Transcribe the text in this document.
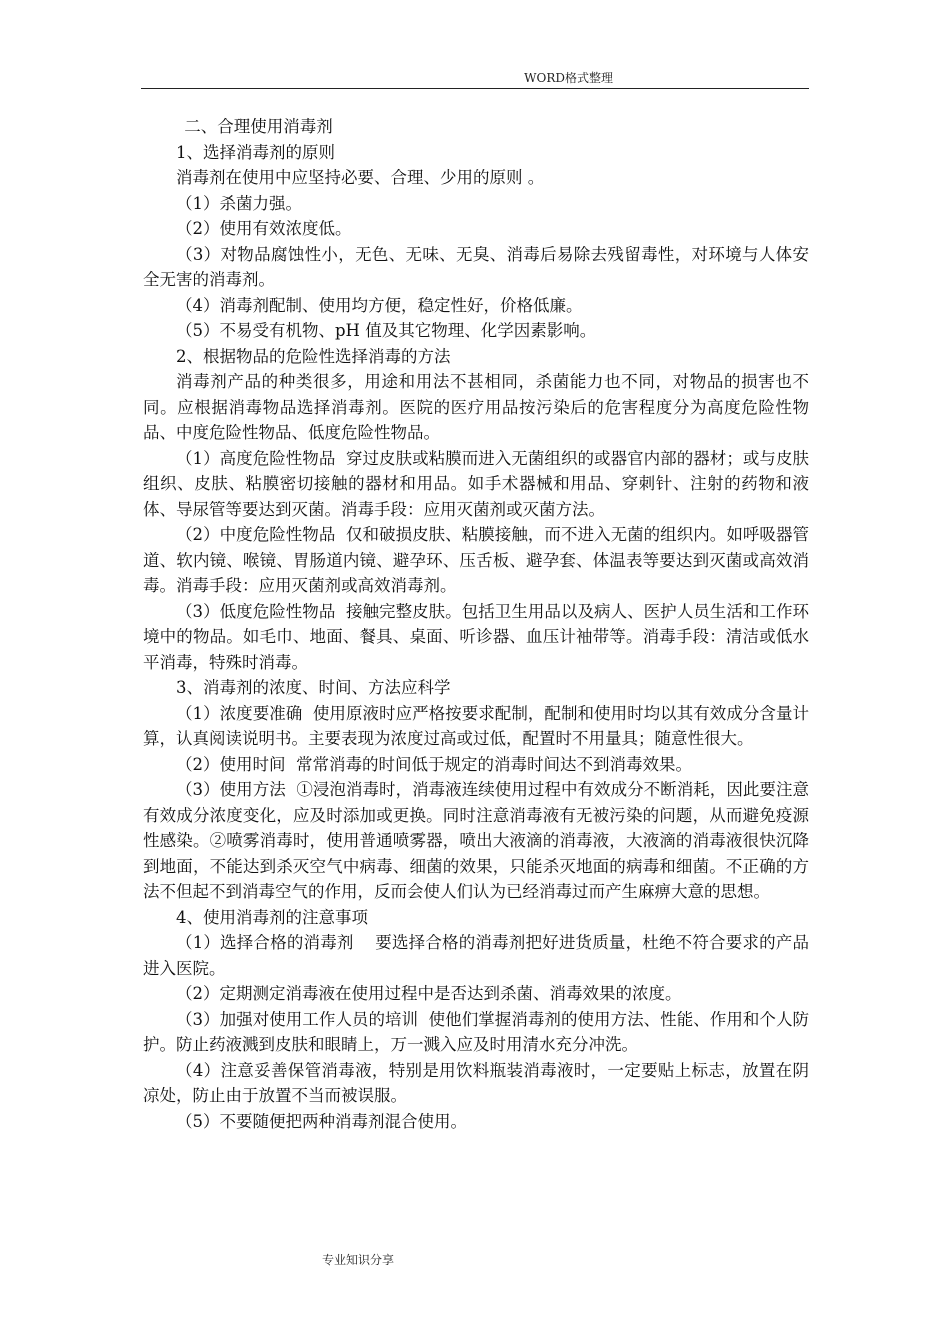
WORD格式整理

二、合理使用消毒剂

1、选择消毒剂的原则

消毒剂在使用中应坚持必要、合理、少用的原则 。

（1）杀菌力强。

（2）使用有效浓度低。

（3）对物品腐蚀性小，无色、无味、无臭、消毒后易除去残留毒性，对环境与人体安全无害的消毒剂。

（4）消毒剂配制、使用均方便，稳定性好，价格低廉。

（5）不易受有机物、pH 值及其它物理、化学因素影响。

2、根据物品的危险性选择消毒的方法

消毒剂产品的种类很多，用途和用法不甚相同，杀菌能力也不同，对物品的损害也不同。应根据消毒物品选择消毒剂。医院的医疗用品按污染后的危害程度分为高度危险性物品、中度危险性物品、低度危险性物品。

（1）高度危险性物品  穿过皮肤或粘膜而进入无菌组织的或器官内部的器材；或与皮肤组织、皮肤、粘膜密切接触的器材和用品。如手术器械和用品、穿刺针、注射的药物和液体、导尿管等要达到灭菌。消毒手段：应用灭菌剂或灭菌方法。

（2）中度危险性物品  仅和破损皮肤、粘膜接触，而不进入无菌的组织内。如呼吸器管道、软内镜、喉镜、胃肠道内镜、避孕环、压舌板、避孕套、体温表等要达到灭菌或高效消毒。消毒手段：应用灭菌剂或高效消毒剂。

（3）低度危险性物品  接触完整皮肤。包括卫生用品以及病人、医护人员生活和工作环境中的物品。如毛巾、地面、餐具、桌面、听诊器、血压计袖带等。消毒手段：清洁或低水平消毒，特殊时消毒。

3、消毒剂的浓度、时间、方法应科学

（1）浓度要准确  使用原液时应严格按要求配制，配制和使用时均以其有效成分含量计算，认真阅读说明书。主要表现为浓度过高或过低，配置时不用量具；随意性很大。

（2）使用时间  常常消毒的时间低于规定的消毒时间达不到消毒效果。

（3）使用方法  ①浸泡消毒时，消毒液连续使用过程中有效成分不断消耗，因此要注意有效成分浓度变化，应及时添加或更换。同时注意消毒液有无被污染的问题，从而避免疫源性感染。②喷雾消毒时，使用普通喷雾器，喷出大液滴的消毒液，大液滴的消毒液很快沉降到地面，不能达到杀灭空气中病毒、细菌的效果，只能杀灭地面的病毒和细菌。不正确的方法不但起不到消毒空气的作用，反而会使人们认为已经消毒过而产生麻痹大意的思想。

4、使用消毒剂的注意事项

（1）选择合格的消毒剂    要选择合格的消毒剂把好进货质量，杜绝不符合要求的产品进入医院。

（2）定期测定消毒液在使用过程中是否达到杀菌、消毒效果的浓度。

（3）加强对使用工作人员的培训  使他们掌握消毒剂的使用方法、性能、作用和个人防护。防止药液溅到皮肤和眼睛上，万一溅入应及时用清水充分冲洗。

（4）注意妥善保管消毒液，特别是用饮料瓶装消毒液时，一定要贴上标志，放置在阴凉处，防止由于放置不当而被误服。

（5）不要随便把两种消毒剂混合使用。

专业知识分享
